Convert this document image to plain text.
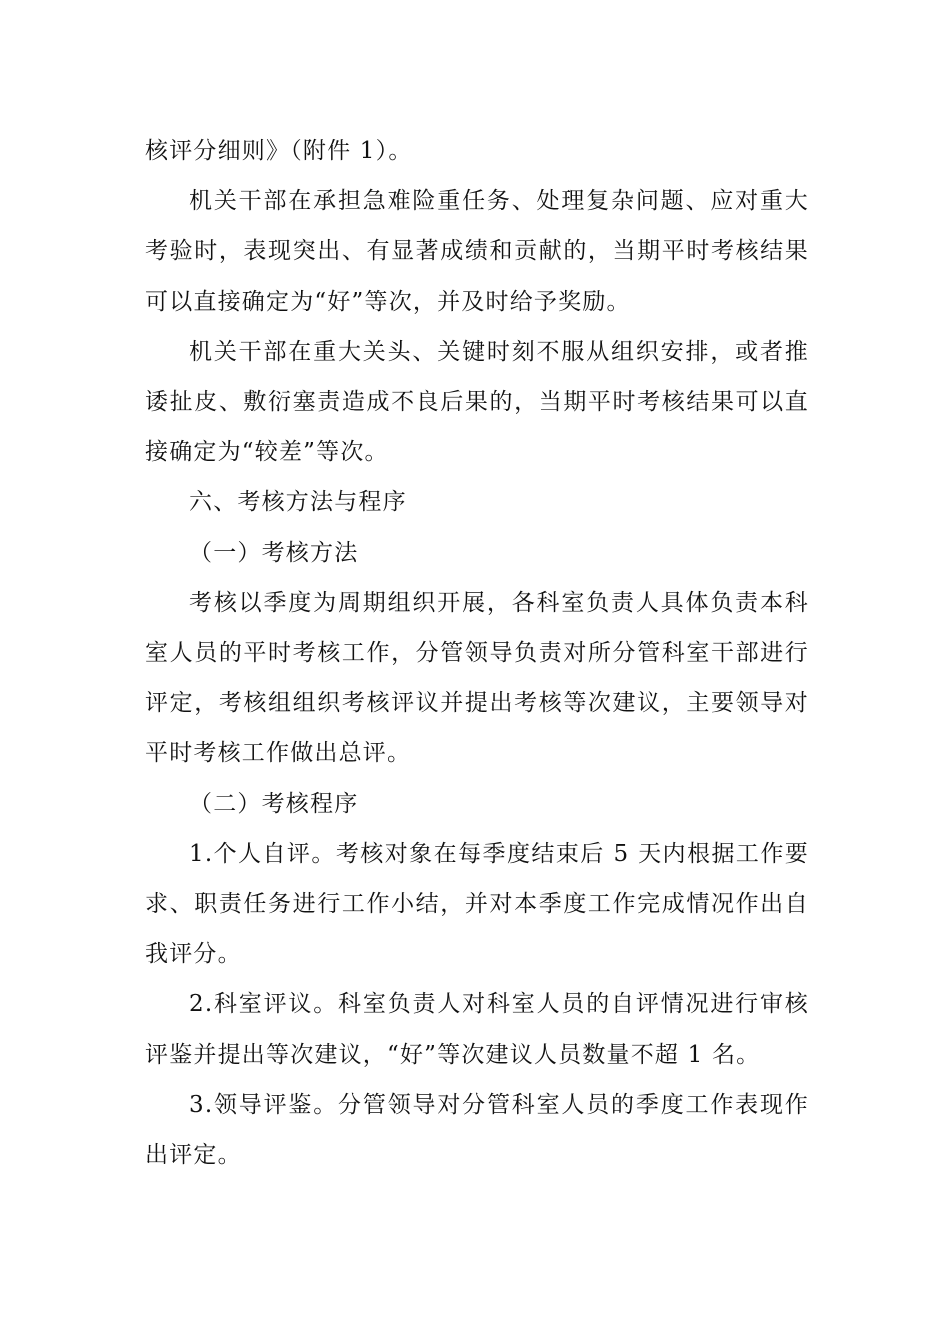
核评分细则》（附件 1）。

机关干部在承担急难险重任务、处理复杂问题、应对重大考验时，表现突出、有显著成绩和贡献的，当期平时考核结果可以直接确定为“好”等次，并及时给予奖励。

机关干部在重大关头、关键时刻不服从组织安排，或者推诿扯皮、敷衍塞责造成不良后果的，当期平时考核结果可以直接确定为“较差”等次。

六、考核方法与程序

（一）考核方法

考核以季度为周期组织开展，各科室负责人具体负责本科室人员的平时考核工作，分管领导负责对所分管科室干部进行评定，考核组组织考核评议并提出考核等次建议，主要领导对平时考核工作做出总评。

（二）考核程序

1.个人自评。考核对象在每季度结束后 5 天内根据工作要求、职责任务进行工作小结，并对本季度工作完成情况作出自我评分。

2.科室评议。科室负责人对科室人员的自评情况进行审核评鉴并提出等次建议，“好”等次建议人员数量不超 1 名。

3.领导评鉴。分管领导对分管科室人员的季度工作表现作出评定。
